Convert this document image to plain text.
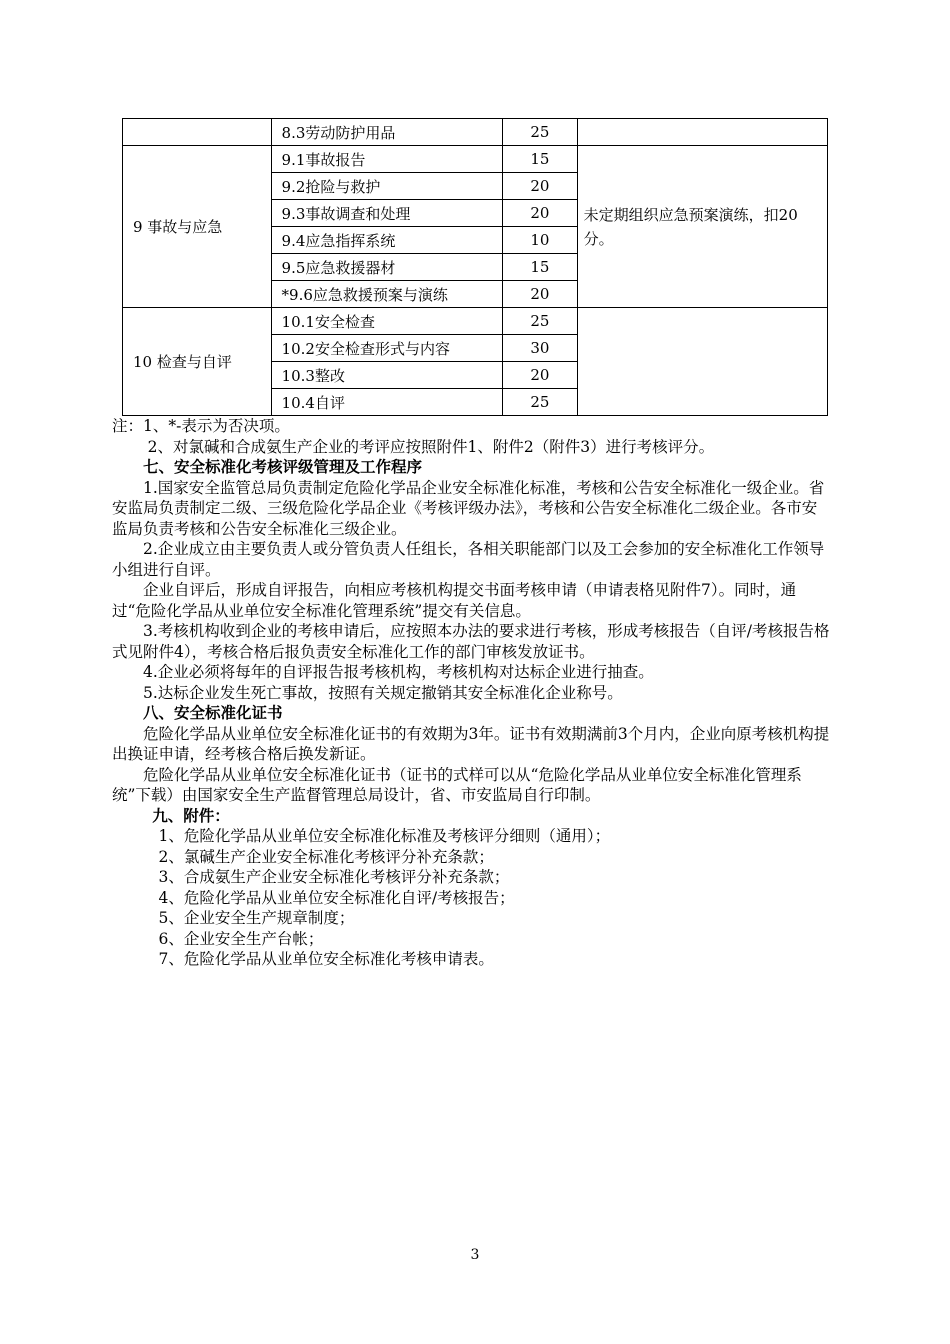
	8.3劳动防护用品	25	
9 事故与应急	9.1事故报告	15	未定期组织应急预案演练，扣20分。
	9.2抢险与救护	20	
	9.3事故调查和处理	20	
	9.4应急指挥系统	10	
	9.5应急救援器材	15	
	*9.6应急救援预案与演练	20	
10 检查与自评	10.1安全检查	25	
	10.2安全检查形式与内容	30	
	10.3整改	20	
	10.4自评	25	

注：1、*-表示为否决项。

2、对氯碱和合成氨生产企业的考评应按照附件1、附件2（附件3）进行考核评分。

七、安全标准化考核评级管理及工作程序

1.国家安全监管总局负责制定危险化学品企业安全标准化标准，考核和公告安全标准化一级企业。省安监局负责制定二级、三级危险化学品企业《考核评级办法》，考核和公告安全标准化二级企业。各市安监局负责考核和公告安全标准化三级企业。

2.企业成立由主要负责人或分管负责人任组长，各相关职能部门以及工会参加的安全标准化工作领导小组进行自评。

企业自评后，形成自评报告，向相应考核机构提交书面考核申请（申请表格见附件7）。同时，通过“危险化学品从业单位安全标准化管理系统”提交有关信息。

3.考核机构收到企业的考核申请后，应按照本办法的要求进行考核，形成考核报告（自评/考核报告格式见附件4），考核合格后报负责安全标准化工作的部门审核发放证书。

4.企业必须将每年的自评报告报考核机构，考核机构对达标企业进行抽查。

5.达标企业发生死亡事故，按照有关规定撤销其安全标准化企业称号。

八、安全标准化证书

危险化学品从业单位安全标准化证书的有效期为3年。证书有效期满前3个月内，企业向原考核机构提出换证申请，经考核合格后换发新证。

危险化学品从业单位安全标准化证书（证书的式样可以从“危险化学品从业单位安全标准化管理系统”下载）由国家安全生产监督管理总局设计，省、市安监局自行印制。

九、附件：

1、危险化学品从业单位安全标准化标准及考核评分细则（通用）；

2、氯碱生产企业安全标准化考核评分补充条款；

3、合成氨生产企业安全标准化考核评分补充条款；

4、危险化学品从业单位安全标准化自评/考核报告；

5、企业安全生产规章制度；

6、企业安全生产台帐；

7、危险化学品从业单位安全标准化考核申请表。

3
